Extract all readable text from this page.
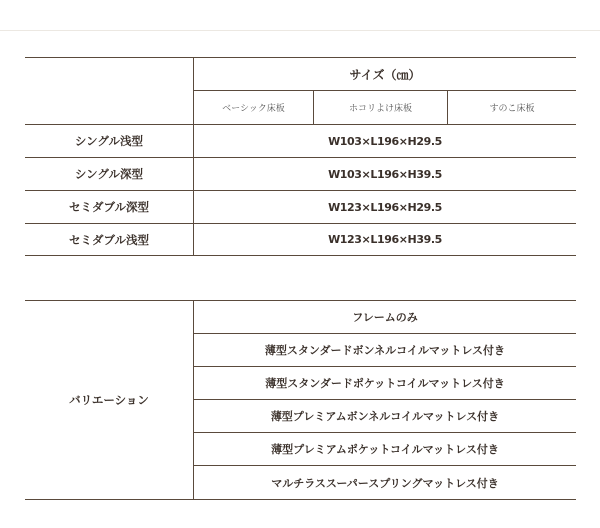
サイズ（㎝）
ベーシック床板	ホコリよけ床板	すのこ床板
シングル浅型	W103×L196×H29.5
シングル深型	W103×L196×H39.5
セミダブル深型	W123×L196×H29.5
セミダブル浅型	W123×L196×H39.5
バリエーション
フレームのみ
薄型スタンダードボンネルコイルマットレス付き
薄型スタンダードポケットコイルマットレス付き
薄型プレミアムボンネルコイルマットレス付き
薄型プレミアムポケットコイルマットレス付き
マルチラススーパースプリングマットレス付き
